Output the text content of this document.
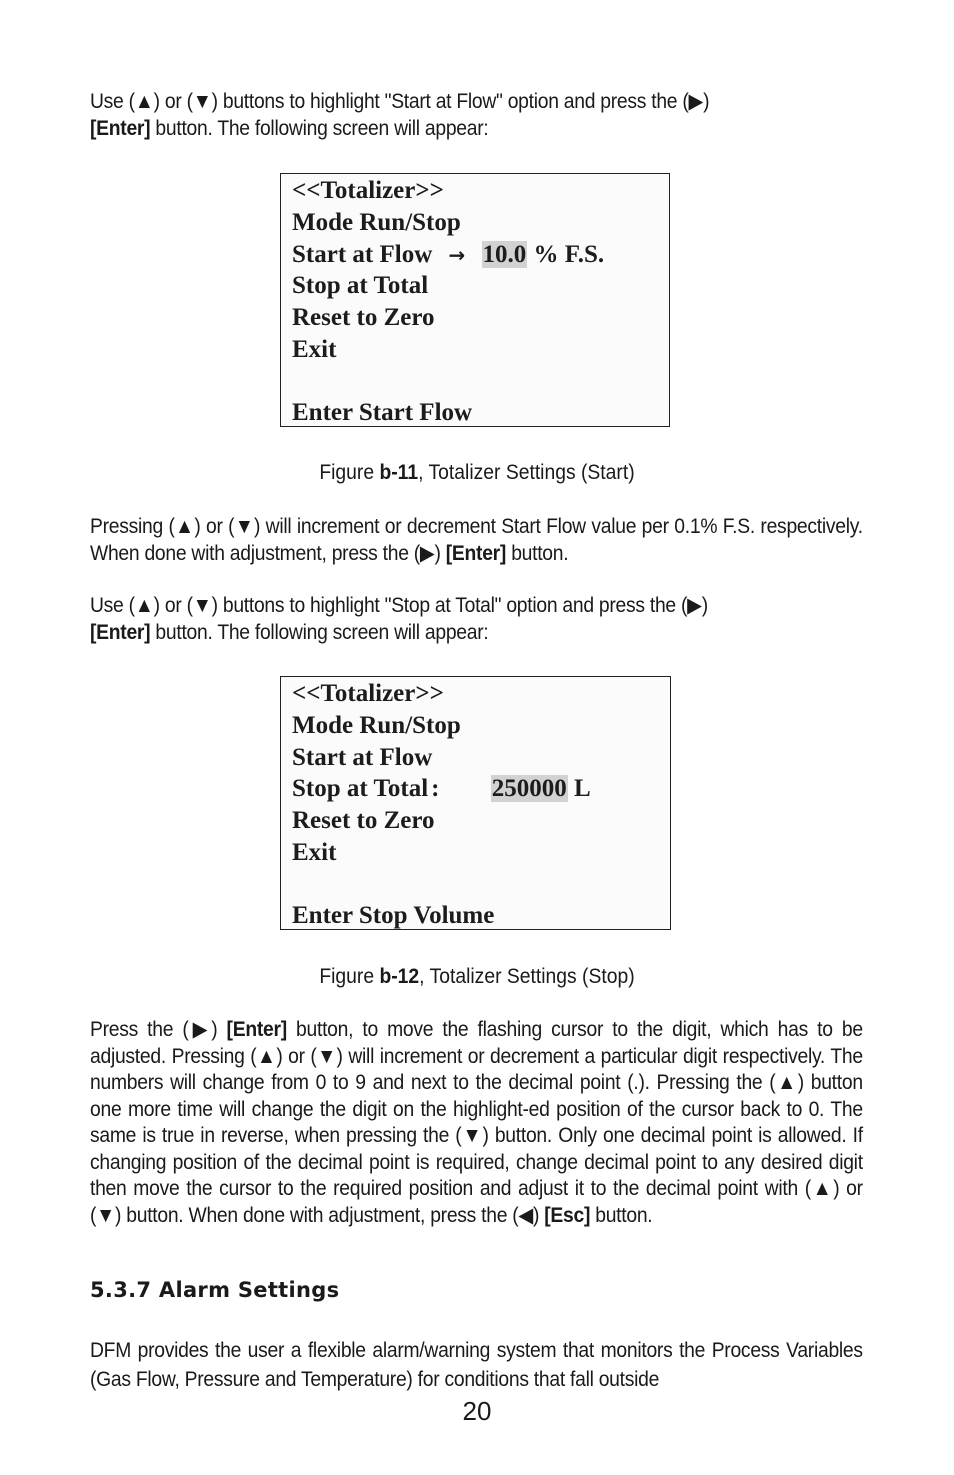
Use (▲) or (▼) buttons to highlight "Start at Flow" option and press the (▶)
[Enter] button. The following screen will appear:
<<Totalizer>>
Mode Run/Stop
Start at Flow → 10.0 % F.S.
Stop at Total
Reset to Zero
Exit
Enter Start Flow
Figure b-11, Totalizer Settings (Start)
Pressing (▲) or (▼) will increment or decrement Start Flow value per 0.1% F.S. respectively. When done with adjustment, press the (▶) [Enter] button.
Use (▲) or (▼) buttons to highlight "Stop at Total" option and press the (▶)
[Enter] button. The following screen will appear:
<<Totalizer>>
Mode Run/Stop
Start at Flow
Stop at Total : 250000 L
Reset to Zero
Exit
Enter Stop Volume
Figure b-12, Totalizer Settings (Stop)
Press the (▶) [Enter] button, to move the flashing cursor to the digit, which has to be adjusted. Pressing (▲) or (▼) will increment or decrement a particular digit respectively. The numbers will change from 0 to 9 and next to the decimal point (.). Pressing the (▲) button one more time will change the digit on the highlight-ed position of the cursor back to 0. The same is true in reverse, when pressing the (▼) button. Only one decimal point is allowed. If changing position of the decimal point is required, change decimal point to any desired digit then move the cursor to the required position and adjust it to the decimal point with (▲) or (▼) button. When done with adjustment, press the (◀) [Esc] button.
5.3.7 Alarm Settings
DFM provides the user a flexible alarm/warning system that monitors the Process Variables (Gas Flow, Pressure and Temperature) for conditions that fall outside
20
